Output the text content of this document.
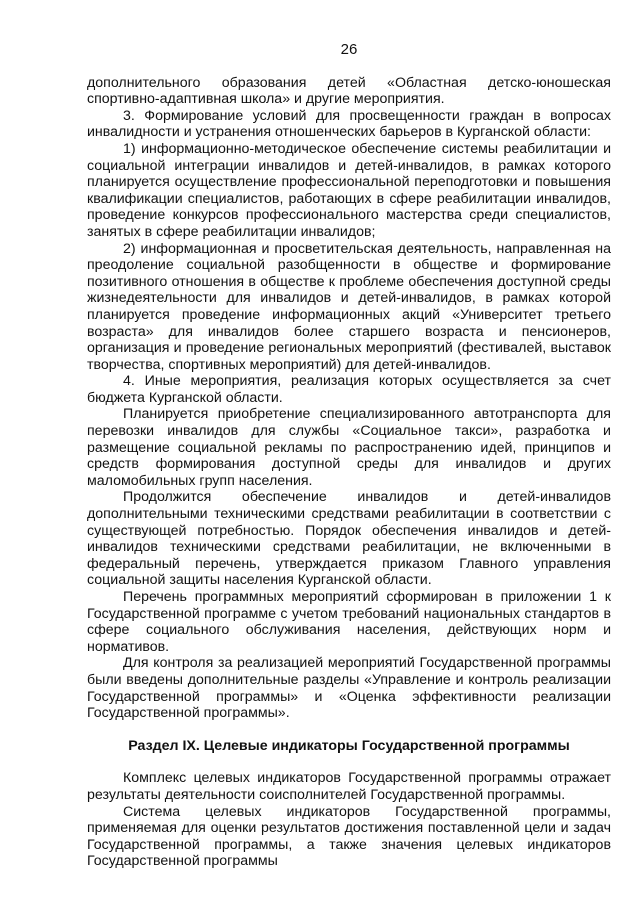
26

дополнительного образования детей «Областная детско-юношеская спортивно-адаптивная школа» и другие мероприятия.

3. Формирование условий для просвещенности граждан в вопросах инвалидности и устранения отношенческих барьеров в Курганской области:

1) информационно-методическое обеспечение системы реабилитации и социальной интеграции инвалидов и детей-инвалидов, в рамках которого планируется осуществление профессиональной переподготовки и повышения квалификации специалистов, работающих в сфере реабилитации инвалидов, проведение конкурсов профессионального мастерства среди специалистов, занятых в сфере реабилитации инвалидов;

2) информационная и просветительская деятельность, направленная на преодоление социальной разобщенности в обществе и формирование позитивного отношения в обществе к проблеме обеспечения доступной среды жизнедеятельности для инвалидов и детей-инвалидов, в рамках которой планируется проведение информационных акций «Университет третьего возраста» для инвалидов более старшего возраста и пенсионеров, организация и проведение региональных мероприятий (фестивалей, выставок творчества, спортивных мероприятий) для детей-инвалидов.

4. Иные мероприятия, реализация которых осуществляется за счет бюджета Курганской области.

Планируется приобретение специализированного автотранспорта для перевозки инвалидов для службы «Социальное такси», разработка и размещение социальной рекламы по распространению идей, принципов и средств формирования доступной среды для инвалидов и других маломобильных групп населения.

Продолжится обеспечение инвалидов и детей-инвалидов дополнительными техническими средствами реабилитации в соответствии с существующей потребностью. Порядок обеспечения инвалидов и детей-инвалидов техническими средствами реабилитации, не включенными в федеральный перечень, утверждается приказом Главного управления социальной защиты населения Курганской области.

Перечень программных мероприятий сформирован в приложении 1 к Государственной программе с учетом требований национальных стандартов в сфере социального обслуживания населения, действующих норм и нормативов.

Для контроля за реализацией мероприятий Государственной программы были введены дополнительные разделы «Управление и контроль реализации Государственной программы» и «Оценка эффективности реализации Государственной программы».

Раздел IX. Целевые индикаторы Государственной программы

Комплекс целевых индикаторов Государственной программы отражает результаты деятельности соисполнителей Государственной программы.

Система целевых индикаторов Государственной программы, применяемая для оценки результатов достижения поставленной цели и задач Государственной программы, а также значения целевых индикаторов Государственной программы
